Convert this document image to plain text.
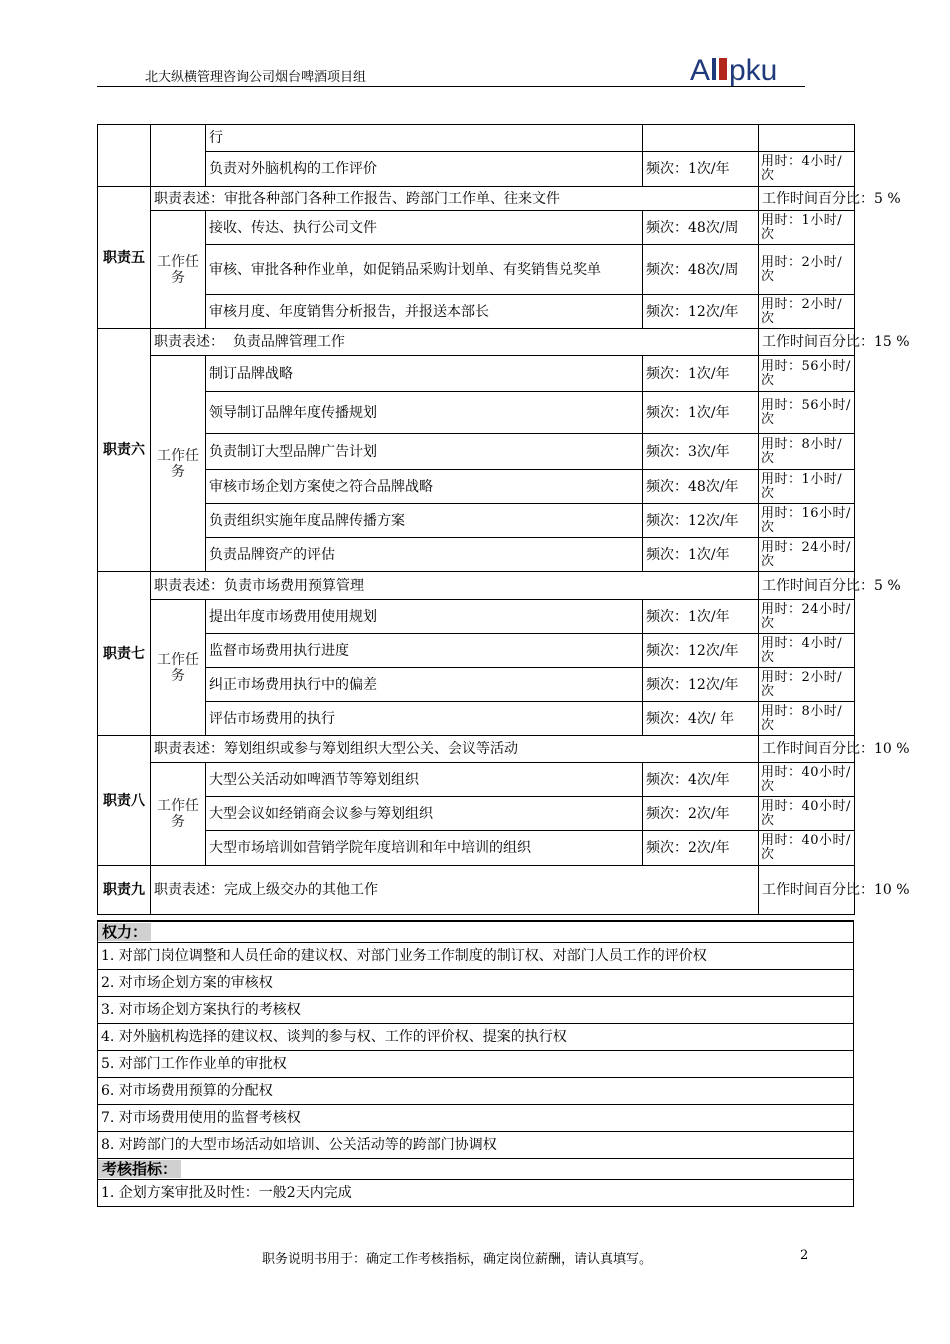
北大纵横管理咨询公司烟台啤酒项目组	A pku
		行		
		负责对外脑机构的工作评价	频次：1次/年	用时：4小时/次
职责五	职责表述：审批各种部门各种工作报告、跨部门工作单、往来文件			工作时间百分比：5 %
	工作任务	接收、传达、执行公司文件	频次：48次/周	用时：1小时/次
		审核、审批各种作业单，如促销品采购计划单、有奖销售兑奖单	频次：48次/周	用时：2小时/次
		审核月度、年度销售分析报告，并报送本部长	频次：12次/年	用时：2小时/次
职责六	职责表述：  负责品牌管理工作			工作时间百分比：15 %
	工作任务	制订品牌战略	频次：1次/年	用时：56小时/次
		领导制订品牌年度传播规划	频次：1次/年	用时：56小时/次
		负责制订大型品牌广告计划	频次：3次/年	用时：8小时/次
		审核市场企划方案使之符合品牌战略	频次：48次/年	用时：1小时/次
		负责组织实施年度品牌传播方案	频次：12次/年	用时：16小时/次
		负责品牌资产的评估	频次：1次/年	用时：24小时/次
职责七	职责表述：负责市场费用预算管理			工作时间百分比：5 %
	工作任务	提出年度市场费用使用规划	频次：1次/年	用时：24小时/次
		监督市场费用执行进度	频次：12次/年	用时：4小时/次
		纠正市场费用执行中的偏差	频次：12次/年	用时：2小时/次
		评估市场费用的执行	频次：4次/ 年	用时：8小时/次
职责八	职责表述：筹划组织或参与筹划组织大型公关、会议等活动			工作时间百分比：10 %
	工作任务	大型公关活动如啤酒节等筹划组织	频次：4次/年	用时：40小时/次
		大型会议如经销商会议参与筹划组织	频次：2次/年	用时：40小时/次
		大型市场培训如营销学院年度培训和年中培训的组织	频次：2次/年	用时：40小时/次
职责九	职责表述：完成上级交办的其他工作			工作时间百分比：10 %
权力：
1. 对部门岗位调整和人员任命的建议权、对部门业务工作制度的制订权、对部门人员工作的评价权
2. 对市场企划方案的审核权
3. 对市场企划方案执行的考核权
4. 对外脑机构选择的建议权、谈判的参与权、工作的评价权、提案的执行权
5. 对部门工作作业单的审批权
6. 对市场费用预算的分配权
7. 对市场费用使用的监督考核权
8. 对跨部门的大型市场活动如培训、公关活动等的跨部门协调权
考核指标：
1. 企划方案审批及时性：一般2天内完成
职务说明书用于：确定工作考核指标，确定岗位薪酬，请认真填写。	2
